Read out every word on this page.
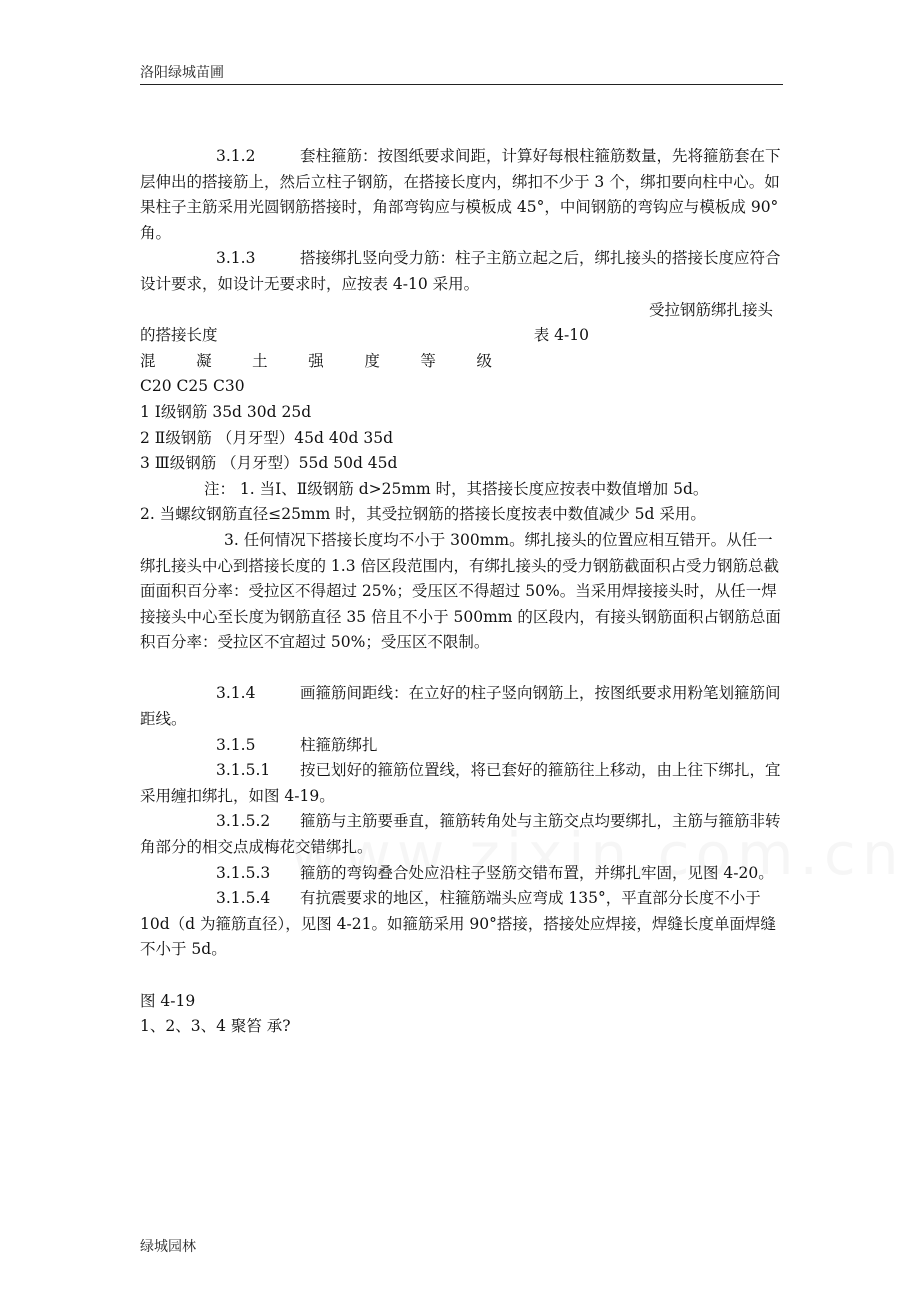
洛阳绿城苗圃

3.1.2	套柱箍筋：按图纸要求间距，计算好每根柱箍筋数量，先将箍筋套在下层伸出的搭接筋上，然后立柱子钢筋，在搭接长度内，绑扣不少于 3 个，绑扣要向柱中心。如果柱子主筋采用光圆钢筋搭接时，角部弯钩应与模板成 45°，中间钢筋的弯钩应与模板成 90°角。

3.1.3	搭接绑扎竖向受力筋：柱子主筋立起之后，绑扎接头的搭接长度应符合设计要求，如设计无要求时，应按表 4-10 采用。

受拉钢筋绑扎接头

的搭接长度	表 4-10
混	凝	土	强	度	等	级

C20 C25 C30

1 Ⅰ级钢筋 35d 30d 25d

2 Ⅱ级钢筋 （月牙型）45d 40d 35d

3 Ⅲ级钢筋 （月牙型）55d 50d 45d

注： 1. 当Ⅰ、Ⅱ级钢筋 d>25mm 时，其搭接长度应按表中数值增加 5d。

2. 当螺纹钢筋直径≤25mm 时，其受拉钢筋的搭接长度按表中数值减少 5d 采用。

3. 任何情况下搭接长度均不小于 300mm。绑扎接头的位置应相互错开。从任一绑扎接头中心到搭接长度的 1.3 倍区段范围内，有绑扎接头的受力钢筋截面积占受力钢筋总截面面积百分率：受拉区不得超过 25%；受压区不得超过 50%。当采用焊接接头时，从任一焊接接头中心至长度为钢筋直径 35 倍且不小于 500mm 的区段内，有接头钢筋面积占钢筋总面积百分率：受拉区不宜超过 50%；受压区不限制。

3.1.4	画箍筋间距线：在立好的柱子竖向钢筋上，按图纸要求用粉笔划箍筋间距线。

3.1.5	柱箍筋绑扎

3.1.5.1 按已划好的箍筋位置线，将已套好的箍筋往上移动，由上往下绑扎，宜采用缠扣绑扎，如图 4-19。

3.1.5.2 箍筋与主筋要垂直，箍筋转角处与主筋交点均要绑扎，主筋与箍筋非转角部分的相交点成梅花交错绑扎。

3.1.5.3 箍筋的弯钩叠合处应沿柱子竖筋交错布置，并绑扎牢固，见图 4-20。

3.1.5.4 有抗震要求的地区，柱箍筋端头应弯成 135°，平直部分长度不小于 10d（d 为箍筋直径），见图 4-21。如箍筋采用 90°搭接，搭接处应焊接，焊缝长度单面焊缝不小于 5d。

图 4-19

1、2、3、4 聚笞 承?

绿城园林
